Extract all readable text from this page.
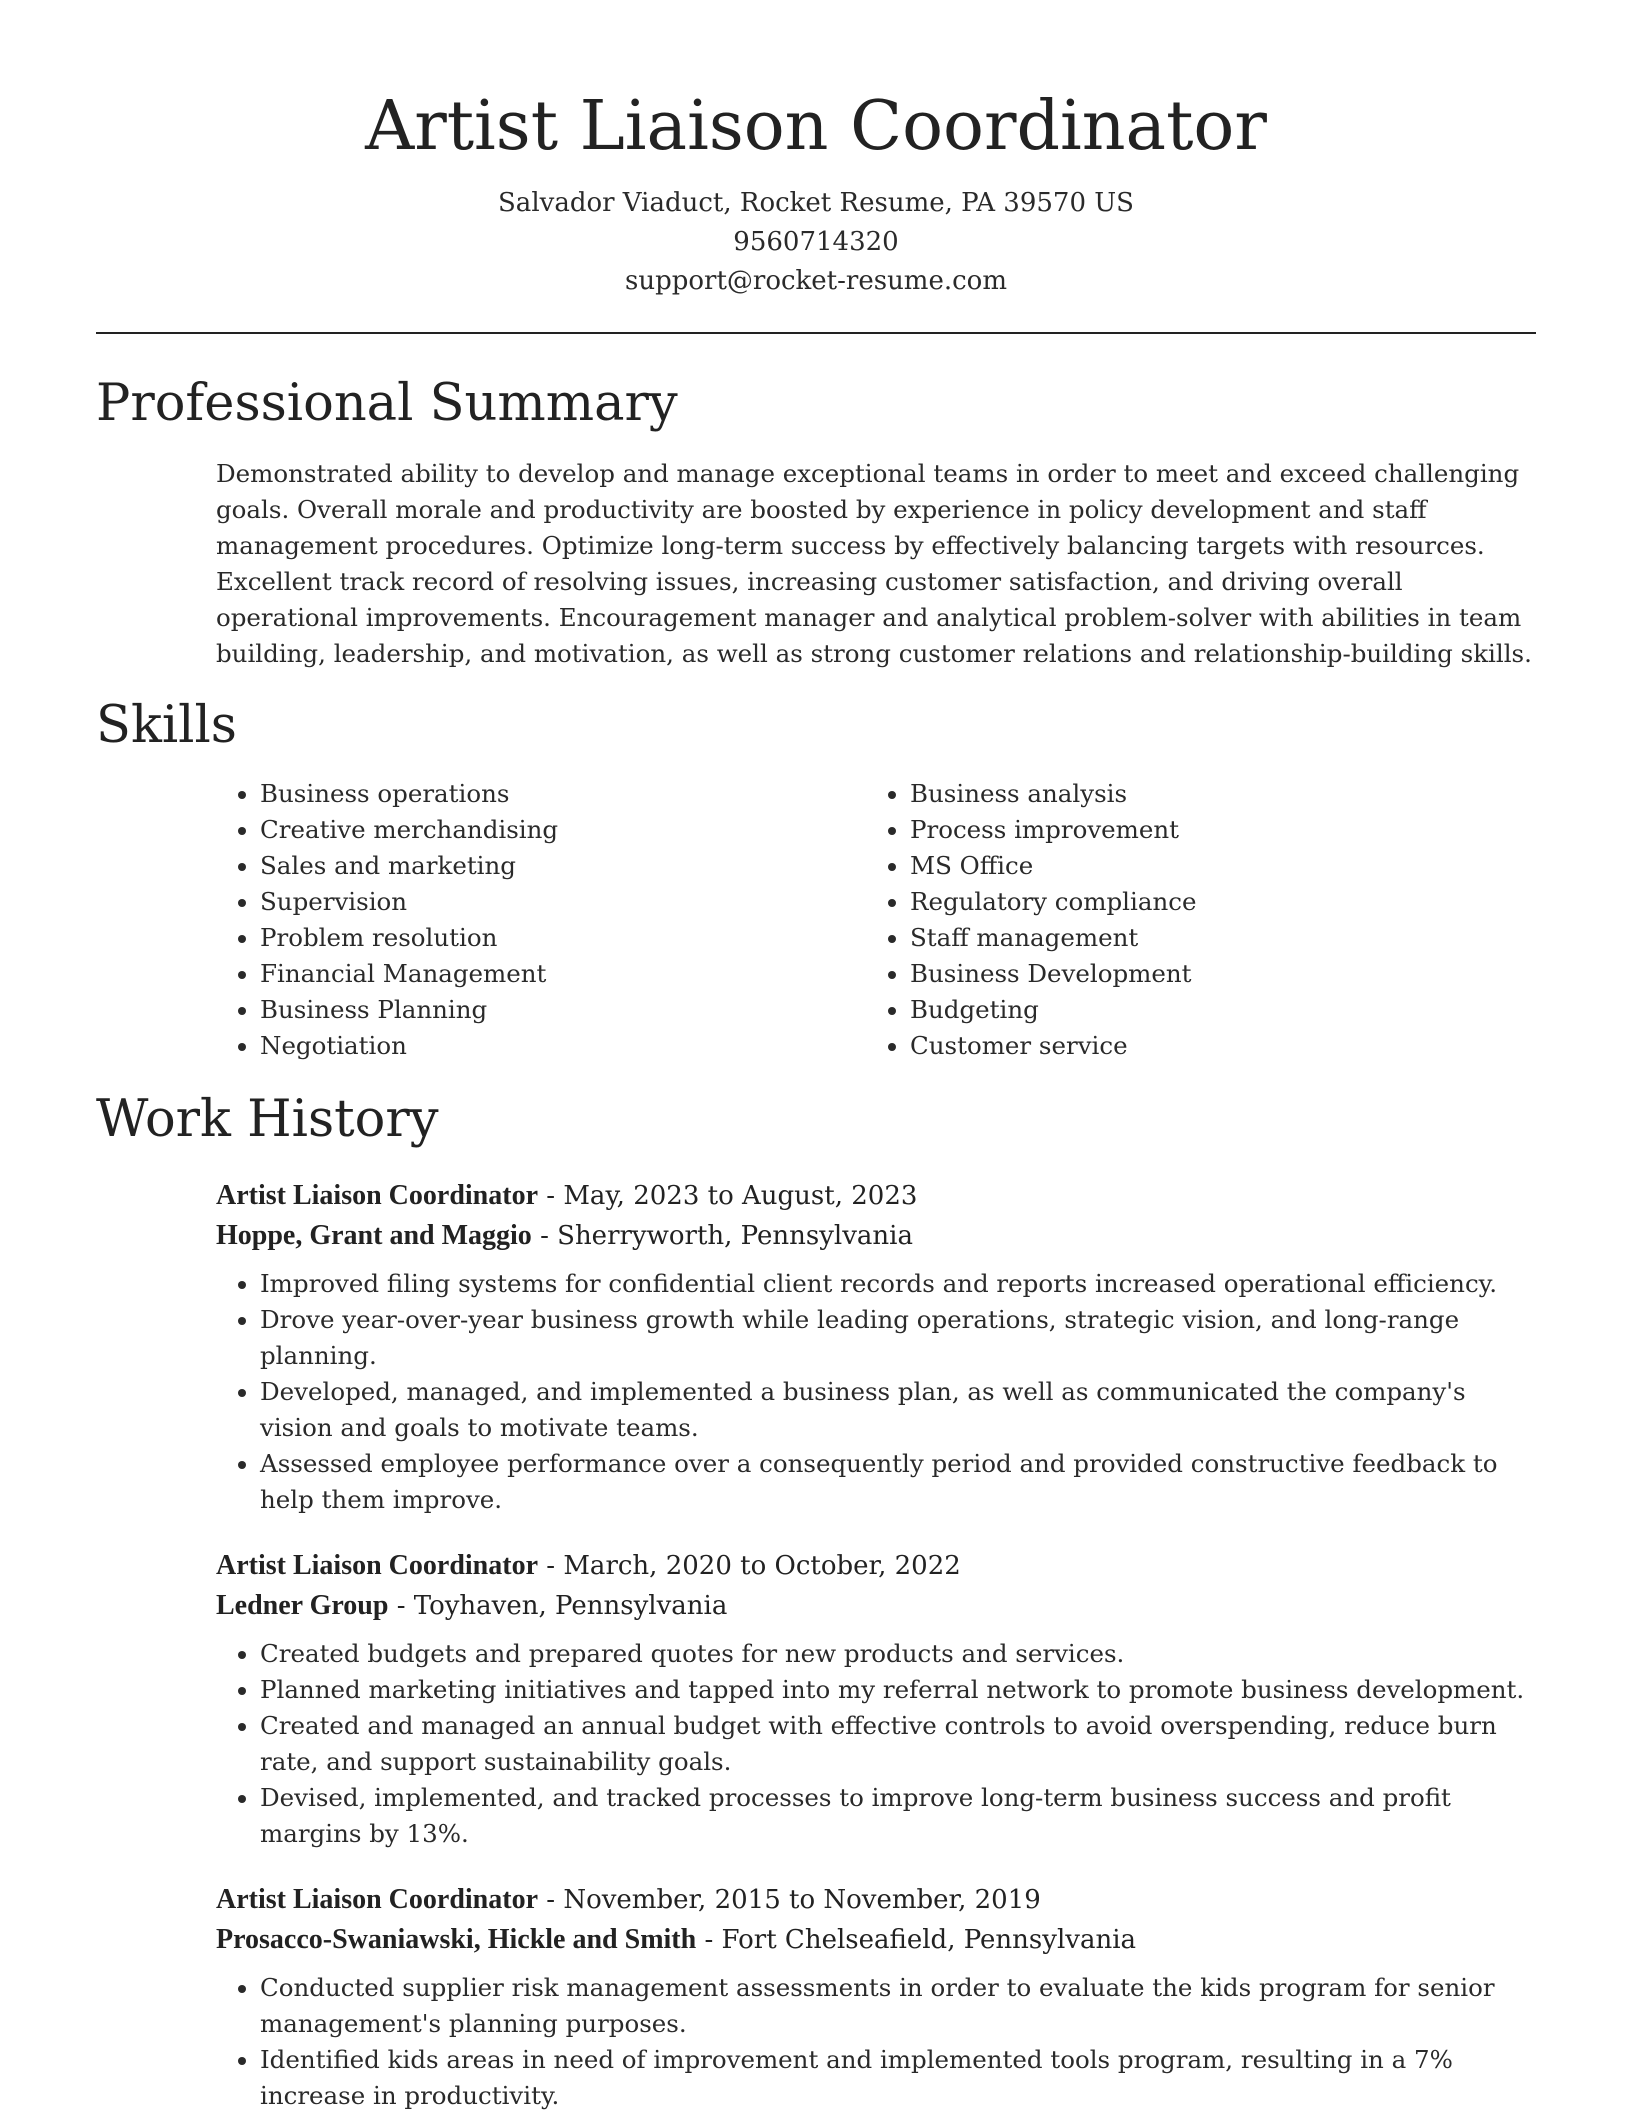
Artist Liaison Coordinator
Salvador Viaduct, Rocket Resume, PA 39570 US
9560714320
support@rocket-resume.com
Professional Summary

Demonstrated ability to develop and manage exceptional teams in order to meet and exceed challenging goals. Overall morale and productivity are boosted by experience in policy development and staff management procedures. Optimize long-term success by effectively balancing targets with resources. Excellent track record of resolving issues, increasing customer satisfaction, and driving overall operational improvements. Encouragement manager and analytical problem-solver with abilities in team building, leadership, and motivation, as well as strong customer relations and relationship-building skills.

Skills
• Business operations
• Creative merchandising
• Sales and marketing
• Supervision
• Problem resolution
• Financial Management
• Business Planning
• Negotiation
• Business analysis
• Process improvement
• MS Office
• Regulatory compliance
• Staff management
• Business Development
• Budgeting
• Customer service
Work History
Artist Liaison Coordinator - May, 2023 to August, 2023
Hoppe, Grant and Maggio - Sherryworth, Pennsylvania
• Improved filing systems for confidential client records and reports increased operational efficiency.
• Drove year-over-year business growth while leading operations, strategic vision, and long-range planning.
• Developed, managed, and implemented a business plan, as well as communicated the company's vision and goals to motivate teams.
• Assessed employee performance over a consequently period and provided constructive feedback to help them improve.
Artist Liaison Coordinator - March, 2020 to October, 2022
Ledner Group - Toyhaven, Pennsylvania
• Created budgets and prepared quotes for new products and services.
• Planned marketing initiatives and tapped into my referral network to promote business development.
• Created and managed an annual budget with effective controls to avoid overspending, reduce burn rate, and support sustainability goals.
• Devised, implemented, and tracked processes to improve long-term business success and profit margins by 13%.
Artist Liaison Coordinator - November, 2015 to November, 2019
Prosacco-Swaniawski, Hickle and Smith - Fort Chelseafield, Pennsylvania
• Conducted supplier risk management assessments in order to evaluate the kids program for senior management's planning purposes.
• Identified kids areas in need of improvement and implemented tools program, resulting in a 7% increase in productivity.
